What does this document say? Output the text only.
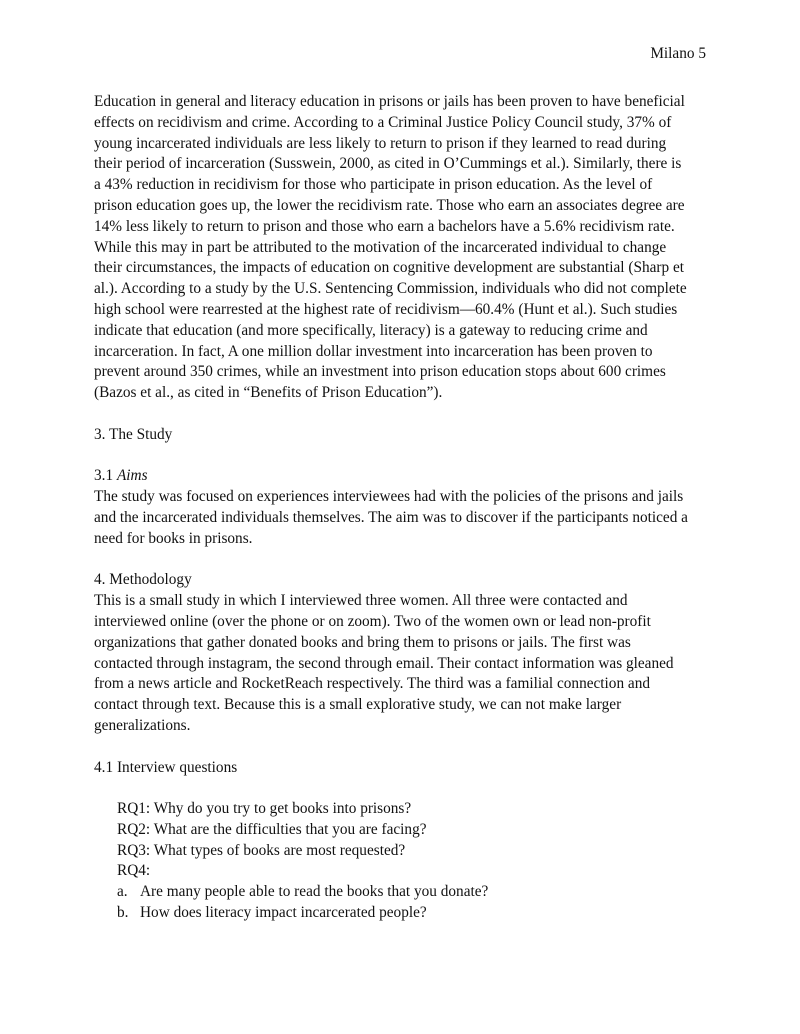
Milano 5
Education in general and literacy education in prisons or jails has been proven to have beneficial
effects on recidivism and crime. According to a Criminal Justice Policy Council study, 37% of
young incarcerated individuals are less likely to return to prison if they learned to read during
their period of incarceration (Susswein, 2000, as cited in O’Cummings et al.). Similarly, there is
a 43% reduction in recidivism for those who participate in prison education. As the level of
prison education goes up, the lower the recidivism rate. Those who earn an associates degree are
14% less likely to return to prison and those who earn a bachelors have a 5.6% recidivism rate.
While this may in part be attributed to the motivation of the incarcerated individual to change
their circumstances, the impacts of education on cognitive development are substantial (Sharp et
al.). According to a study by the U.S. Sentencing Commission, individuals who did not complete
high school were rearrested at the highest rate of recidivism—60.4% (Hunt et al.). Such studies
indicate that education (and more specifically, literacy) is a gateway to reducing crime and
incarceration. In fact, A one million dollar investment into incarceration has been proven to
prevent around 350 crimes, while an investment into prison education stops about 600 crimes
(Bazos et al., as cited in “Benefits of Prison Education”).
3. The Study
3.1 Aims
The study was focused on experiences interviewees had with the policies of the prisons and jails
and the incarcerated individuals themselves. The aim was to discover if the participants noticed a
need for books in prisons.
4. Methodology
This is a small study in which I interviewed three women. All three were contacted and
interviewed online (over the phone or on zoom). Two of the women own or lead non-profit
organizations that gather donated books and bring them to prisons or jails. The first was
contacted through instagram, the second through email. Their contact information was gleaned
from a news article and RocketReach respectively. The third was a familial connection and
contact through text. Because this is a small explorative study, we can not make larger
generalizations.
4.1 Interview questions
RQ1: Why do you try to get books into prisons?
RQ2: What are the difficulties that you are facing?
RQ3: What types of books are most requested?
RQ4:
a. Are many people able to read the books that you donate?
b. How does literacy impact incarcerated people?
